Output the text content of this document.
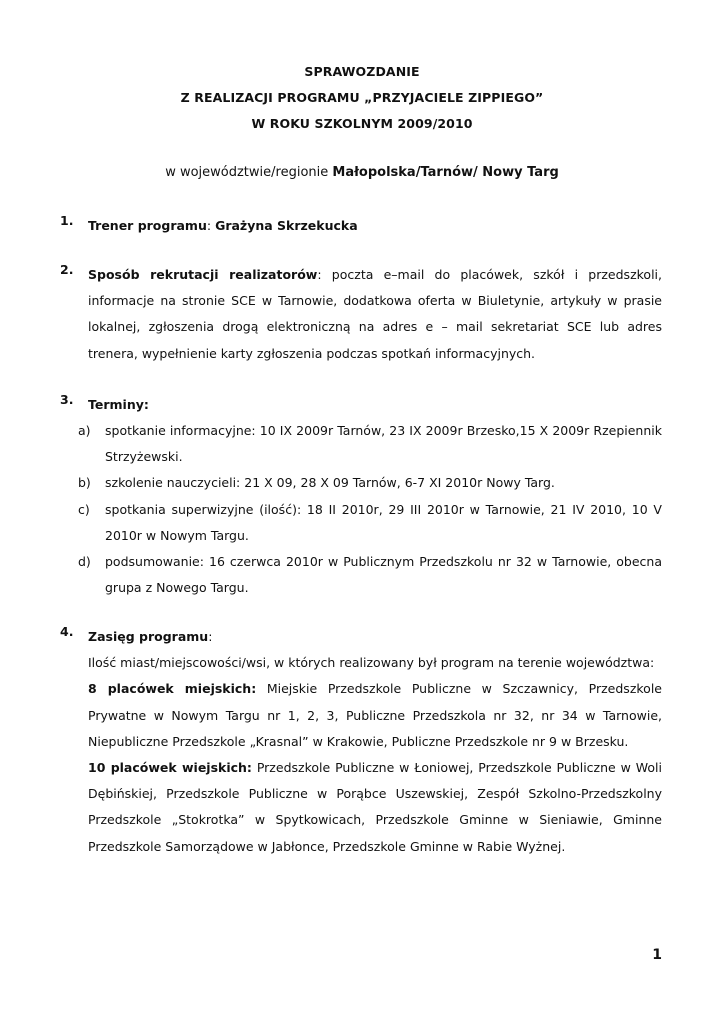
SPRAWOZDANIE
Z REALIZACJI PROGRAMU „PRZYJACIELE ZIPPIEGO”
W ROKU SZKOLNYM 2009/2010
w województwie/regionie Małopolska/Tarnów/ Nowy Targ
1. Trener programu: Grażyna Skrzekucka
2. Sposób rekrutacji realizatorów: poczta e–mail do placówek, szkół i przedszkoli, informacje na stronie SCE w Tarnowie, dodatkowa oferta w Biuletynie, artykuły w prasie lokalnej, zgłoszenia drogą elektroniczną na adres e – mail sekretariat SCE lub adres trenera, wypełnienie karty zgłoszenia podczas spotkań informacyjnych.
3. Terminy:
a) spotkanie informacyjne: 10 IX 2009r Tarnów, 23 IX 2009r Brzesko,15 X 2009r Rzepiennik Strzyżewski.
b) szkolenie nauczycieli: 21 X 09, 28 X 09 Tarnów, 6-7 XI 2010r Nowy Targ.
c) spotkania superwizyjne (ilość): 18 II 2010r, 29 III 2010r w Tarnowie, 21 IV 2010, 10 V 2010r w Nowym Targu.
d) podsumowanie: 16 czerwca 2010r w Publicznym Przedszkolu nr 32 w Tarnowie, obecna grupa z Nowego Targu.
4. Zasięg programu:
Ilość miast/miejscowości/wsi, w których realizowany był program na terenie województwa:
8 placówek miejskich: Miejskie Przedszkole Publiczne w Szczawnicy, Przedszkole Prywatne w Nowym Targu nr 1, 2, 3, Publiczne Przedszkola nr 32, nr 34 w Tarnowie, Niepubliczne Przedszkole „Krasnal” w Krakowie, Publiczne Przedszkole nr 9 w Brzesku.
10 placówek wiejskich: Przedszkole Publiczne w Łoniowej, Przedszkole Publiczne w Woli Dębińskiej, Przedszkole Publiczne w Porąbce Uszewskiej, Zespół Szkolno-Przedszkolny Przedszkole „Stokrotka” w Spytkowicach, Przedszkole Gminne w Sieniawie, Gminne Przedszkole Samorządowe w Jabłonce, Przedszkole Gminne w Rabie Wyżnej.
1
